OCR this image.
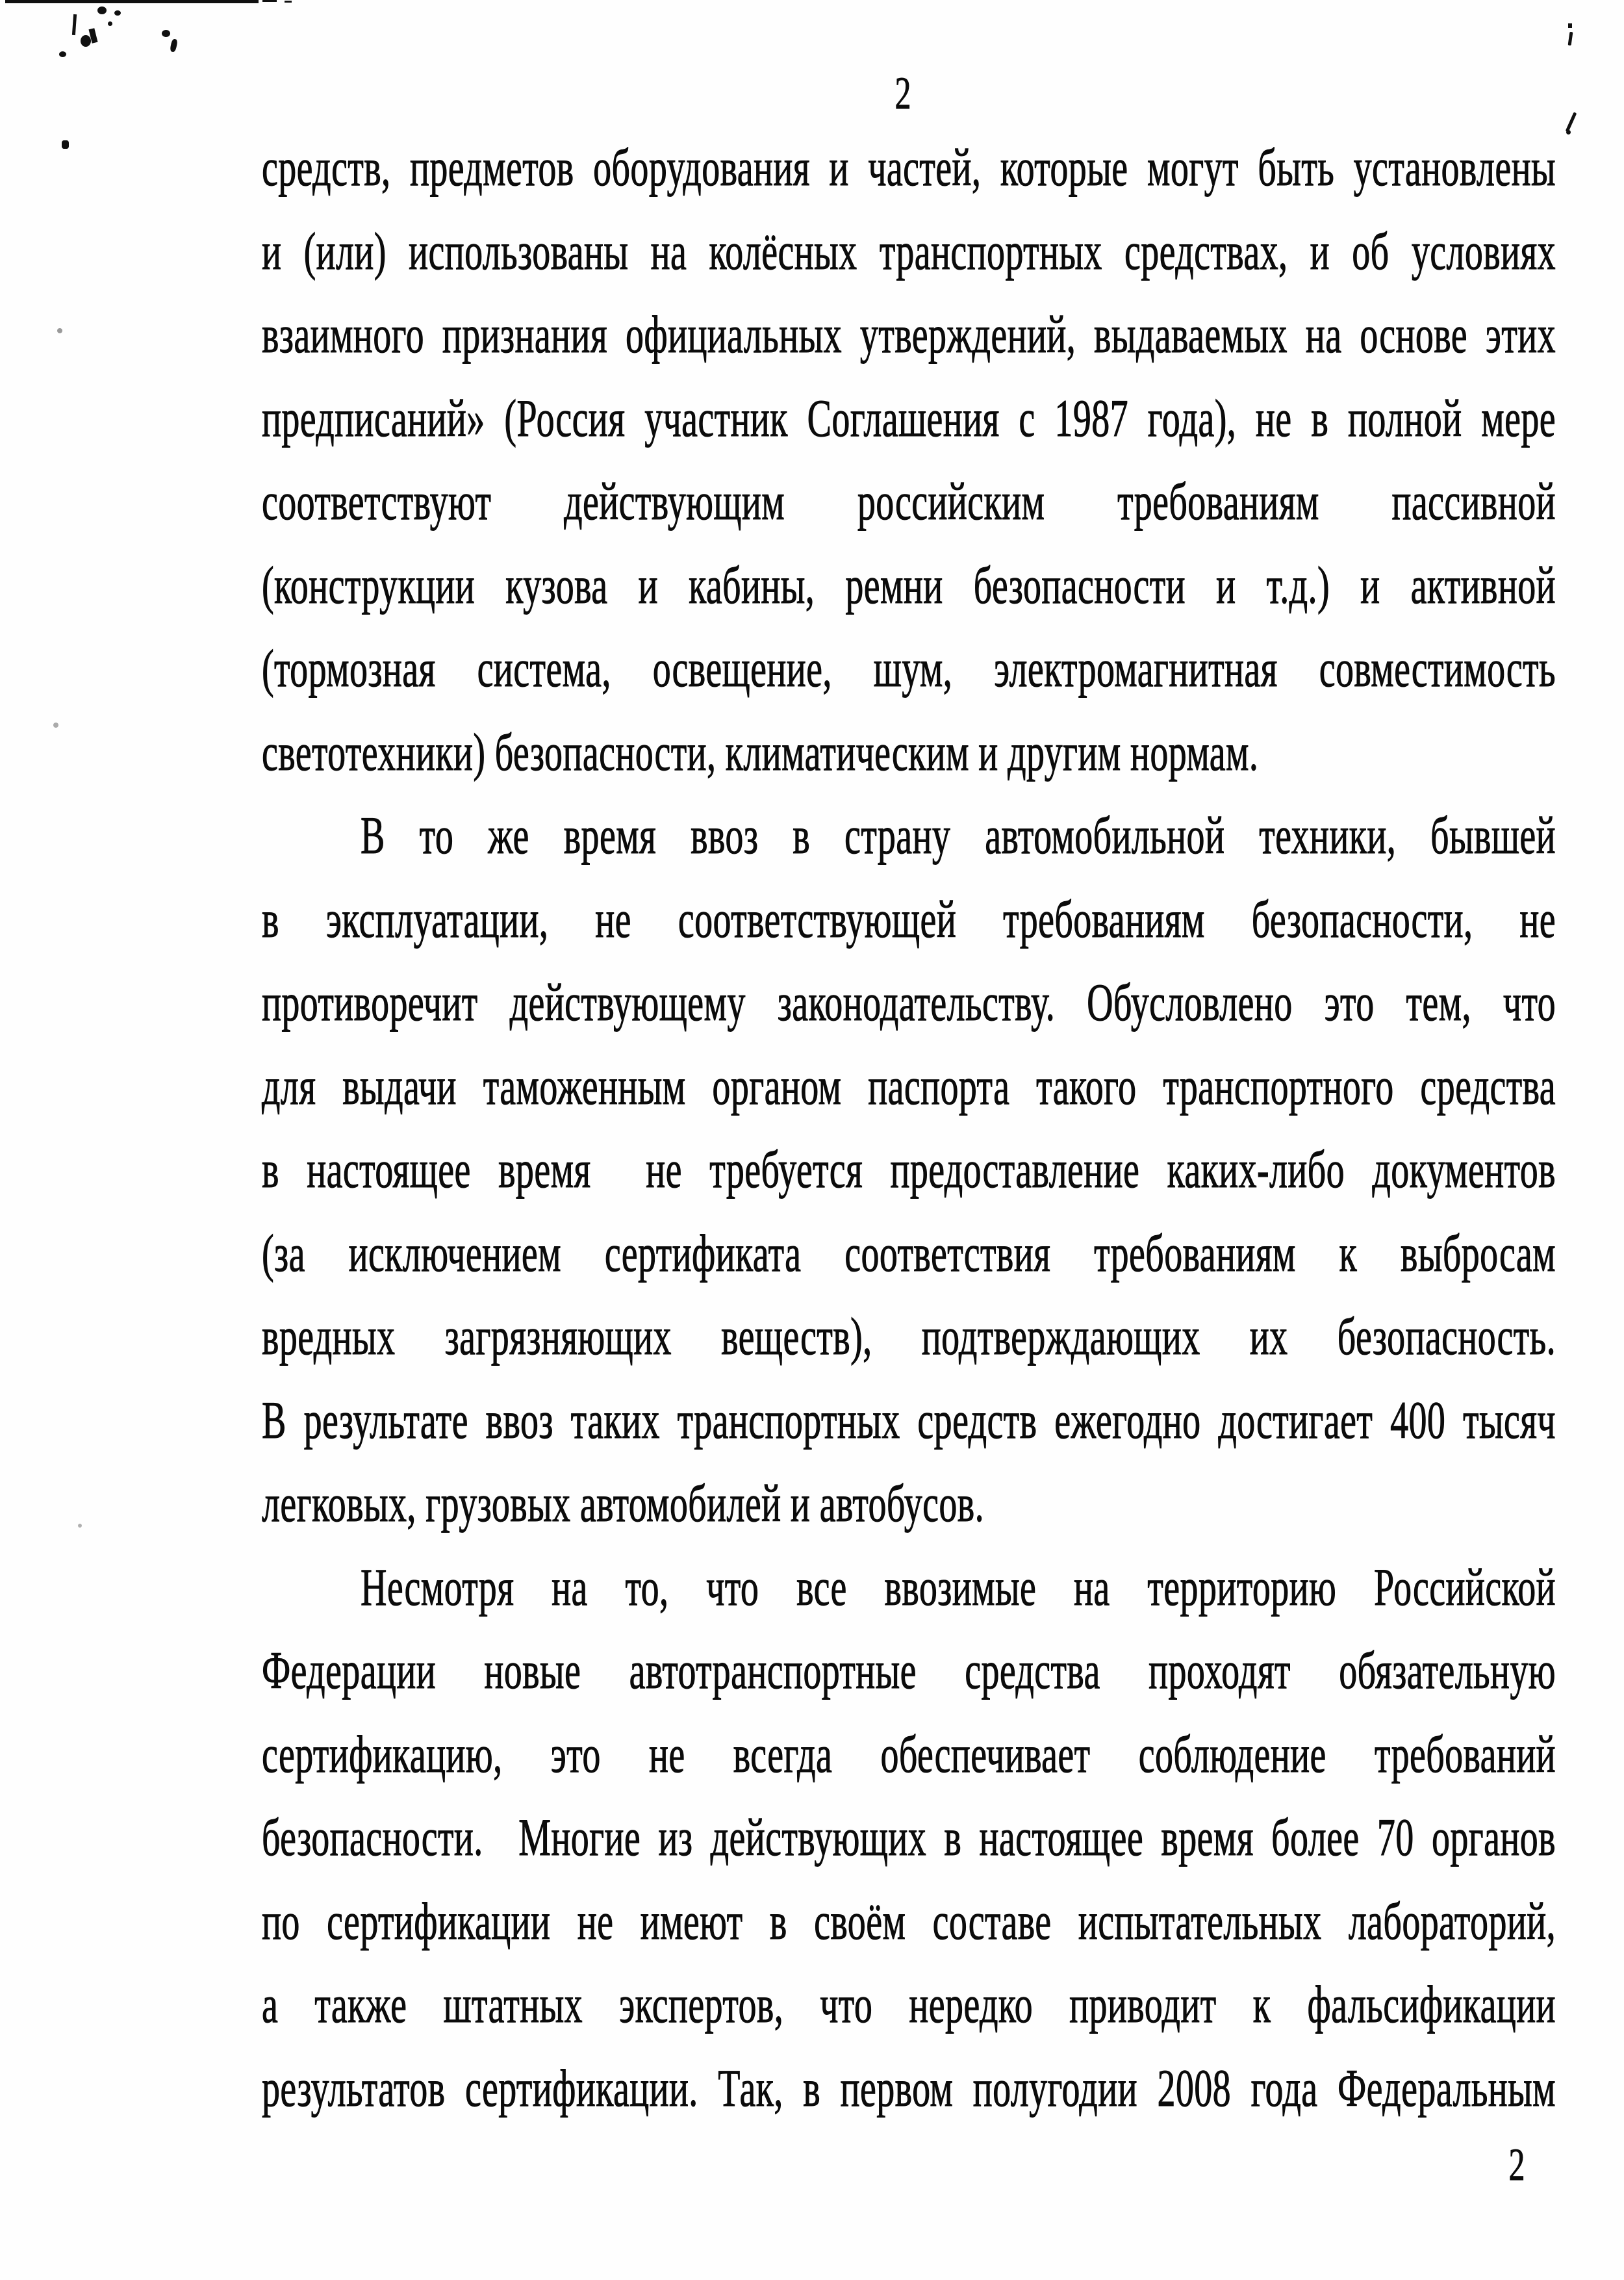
2
средств, предметов оборудования и частей, которые могут быть установлены
и (или) использованы на колёсных транспортных средствах, и об условиях
взаимного признания официальных утверждений, выдаваемых на основе этих
предписаний» (Россия участник Соглашения с 1987 года), не в полной мере
соответствуют действующим российским требованиям пассивной
(конструкции кузова и кабины, ремни безопасности и т.д.) и активной
(тормозная система, освещение, шум, электромагнитная совместимость
светотехники) безопасности, климатическим и другим нормам.
В то же время ввоз в страну автомобильной техники, бывшей
в эксплуатации, не соответствующей требованиям безопасности, не
противоречит действующему законодательству. Обусловлено это тем, что
для выдачи таможенным органом паспорта такого транспортного средства
в настоящее время  не требуется предоставление каких-либо документов
(за исключением сертификата соответствия требованиям к выбросам
вредных загрязняющих веществ), подтверждающих их безопасность.
В результате ввоз таких транспортных средств ежегодно достигает 400 тысяч
легковых, грузовых автомобилей и автобусов.
Несмотря на то, что все ввозимые на территорию Российской
Федерации новые автотранспортные средства проходят обязательную
сертификацию, это не всегда обеспечивает соблюдение требований
безопасности.  Многие из действующих в настоящее время более 70 органов
по сертификации не имеют в своём составе испытательных лабораторий,
а также штатных экспертов, что нередко приводит к фальсификации
результатов сертификации. Так, в первом полугодии 2008 года Федеральным
2
